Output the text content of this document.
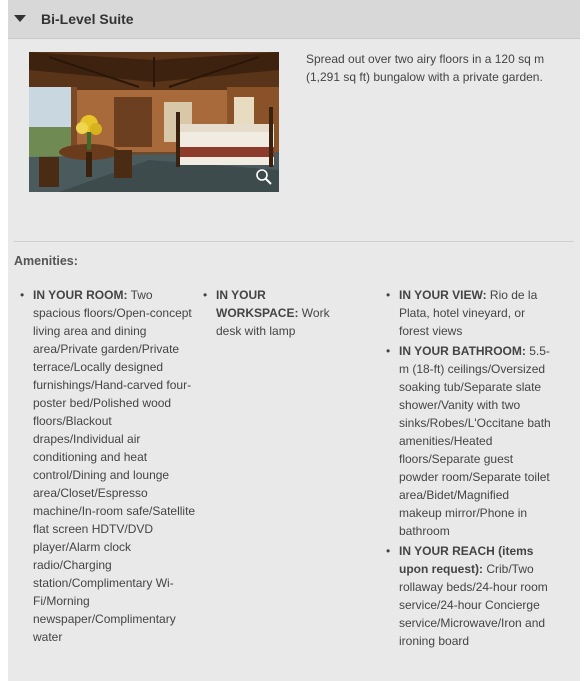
Bi-Level Suite
Spread out over two airy floors in a 120 sq m (1,291 sq ft) bungalow with a private garden.
Amenities:
• IN YOUR ROOM: Two spacious floors/Open-concept living area and dining area/Private garden/Private terrace/Locally designed furnishings/Hand-carved four-poster bed/Polished wood floors/Blackout drapes/Individual air conditioning and heat control/Dining and lounge area/Closet/Espresso machine/In-room safe/Satellite flat screen HDTV/DVD player/Alarm clock radio/Charging station/Complimentary Wi-Fi/Morning newspaper/Complimentary water
• IN YOUR WORKSPACE: Work desk with lamp
• IN YOUR VIEW: Rio de la Plata, hotel vineyard, or forest views
• IN YOUR BATHROOM: 5.5-m (18-ft) ceilings/Oversized soaking tub/Separate slate shower/Vanity with two sinks/Robes/L'Occitane bath amenities/Heated floors/Separate guest powder room/Separate toilet area/Bidet/Magnified makeup mirror/Phone in bathroom
• IN YOUR REACH (items upon request): Crib/Two rollaway beds/24-hour room service/24-hour Concierge service/Microwave/Iron and ironing board
